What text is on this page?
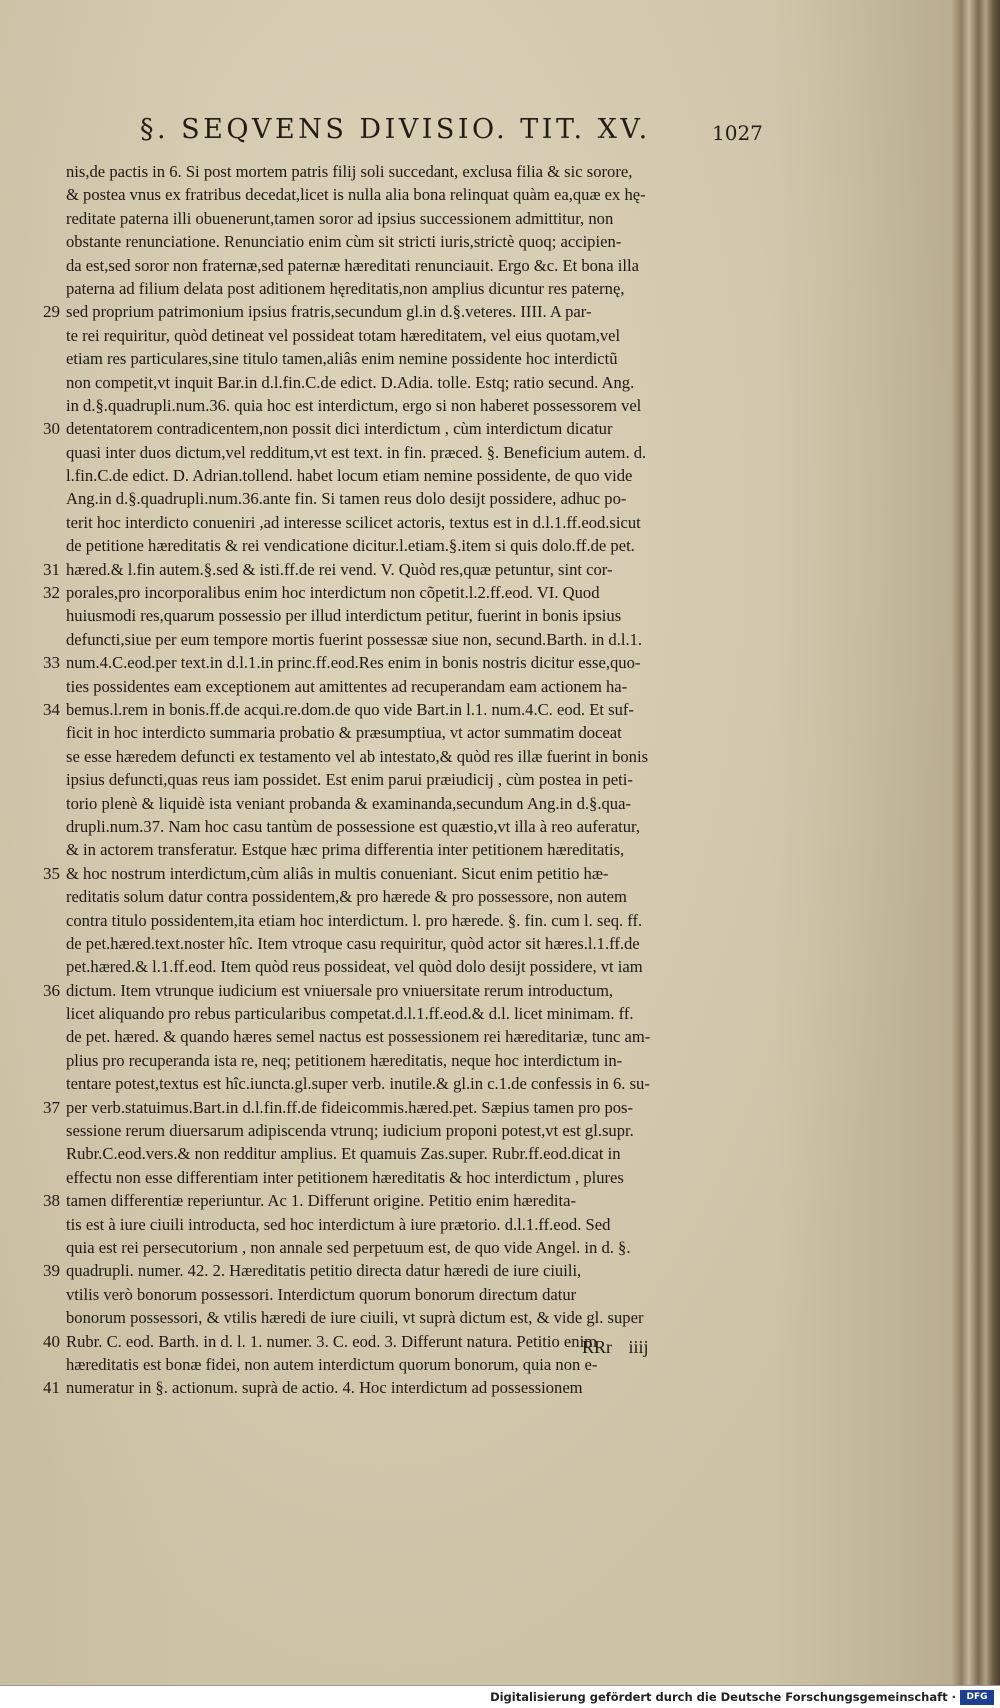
§. SEQVENS DIVISIO. TIT. XV.	1027
nis,de pactis in 6. Si post mortem patris filij soli succedant, exclusa filia & sic sorore,
& postea vnus ex fratribus decedat,licet is nulla alia bona relinquat quàm ea,quæ ex hę-
reditate paterna illi obuenerunt,tamen soror ad ipsius successionem admittitur, non
obstante renunciatione. Renunciatio enim cùm sit stricti iuris,strictè quoq; accipien-
da est,sed soror non fraternæ,sed paternæ hæreditati renunciauit. Ergo &c. Et bona illa
paterna ad filium delata post aditionem hęreditatis,non amplius dicuntur res paternę,
29 sed proprium patrimonium ipsius fratris,secundum gl.in d.§.veteres. IIII. A par-
te rei requiritur, quòd detineat vel possideat totam hæreditatem, vel eius quotam,vel
etiam res particulares,sine titulo tamen,aliâs enim nemine possidente hoc interdictũ
non competit,vt inquit Bar.in d.l.fin.C.de edict. D.Adia. tolle. Estq; ratio secund. Ang.
in d.§.quadrupli.num.36. quia hoc est interdictum, ergo si non haberet possessorem vel
30 detentatorem contradicentem,non possit dici interdictum , cùm interdictum dicatur
quasi inter duos dictum,vel redditum,vt est text. in fin. præced. §. Beneficium autem. d.
l.fin.C.de edict. D. Adrian.tollend. habet locum etiam nemine possidente, de quo vide
Ang.in d.§.quadrupli.num.36.ante fin. Si tamen reus dolo desijt possidere, adhuc po-
terit hoc interdicto conueniri ,ad interesse scilicet actoris, textus est in d.l.1.ff.eod.sicut
de petitione hæreditatis & rei vendicatione dicitur.l.etiam.§.item si quis dolo.ff.de pet.
31 hæred.& l.fin autem.§.sed & isti.ff.de rei vend. V. Quòd res,quæ petuntur, sint cor-
32 porales,pro incorporalibus enim hoc interdictum non cõpetit.l.2.ff.eod. VI. Quod
huiusmodi res,quarum possessio per illud interdictum petitur, fuerint in bonis ipsius
defuncti,siue per eum tempore mortis fuerint possessæ siue non, secund.Barth. in d.l.1.
33 num.4.C.eod.per text.in d.l.1.in princ.ff.eod.Res enim in bonis nostris dicitur esse,quo-
ties possidentes eam exceptionem aut amittentes ad recuperandam eam actionem ha-
34 bemus.l.rem in bonis.ff.de acqui.re.dom.de quo vide Bart.in l.1. num.4.C. eod. Et suf-
ficit in hoc interdicto summaria probatio & præsumptiua, vt actor summatim doceat
se esse hæredem defuncti ex testamento vel ab intestato,& quòd res illæ fuerint in bonis
ipsius defuncti,quas reus iam possidet. Est enim parui præiudicij , cùm postea in peti-
torio plenè & liquidè ista veniant probanda & examinanda,secundum Ang.in d.§.qua-
drupli.num.37. Nam hoc casu tantùm de possessione est quæstio,vt illa à reo auferatur,
& in actorem transferatur. Estque hæc prima differentia inter petitionem hæreditatis,
35 & hoc nostrum interdictum,cùm aliâs in multis conueniant. Sicut enim petitio hæ-
reditatis solum datur contra possidentem,& pro hærede & pro possessore, non autem
contra titulo possidentem,ita etiam hoc interdictum. l. pro hærede. §. fin. cum l. seq. ff.
de pet.hæred.text.noster hîc. Item vtroque casu requiritur, quòd actor sit hæres.l.1.ff.de
pet.hæred.& l.1.ff.eod. Item quòd reus possideat, vel quòd dolo desijt possidere, vt iam
36 dictum. Item vtrunque iudicium est vniuersale pro vniuersitate rerum introductum,
licet aliquando pro rebus particularibus competat.d.l.1.ff.eod.& d.l. licet minimam. ff.
de pet. hæred. & quando hæres semel nactus est possessionem rei hæreditariæ, tunc am-
plius pro recuperanda ista re, neq; petitionem hæreditatis, neque hoc interdictum in-
tentare potest,textus est hîc.iuncta.gl.super verb. inutile.& gl.in c.1.de confessis in 6. su-
37 per verb.statuimus.Bart.in d.l.fin.ff.de fideicommis.hæred.pet. Sæpius tamen pro pos-
sessione rerum diuersarum adipiscenda vtrunq; iudicium proponi potest,vt est gl.supr.
Rubr.C.eod.vers.& non redditur amplius. Et quamuis Zas.super. Rubr.ff.eod.dicat in
effectu non esse differentiam inter petitionem hæreditatis & hoc interdictum , plures
38 tamen differentiæ reperiuntur. Ac 1. Differunt origine. Petitio enim hæredita-
tis est à iure ciuili introducta, sed hoc interdictum à iure prætorio. d.l.1.ff.eod. Sed
quia est rei persecutorium , non annale sed perpetuum est, de quo vide Angel. in d. §.
39 quadrupli. numer. 42. 2. Hæreditatis petitio directa datur hæredi de iure ciuili,
vtilis verò bonorum possessori. Interdictum quorum bonorum directum datur
bonorum possessori, & vtilis hæredi de iure ciuili, vt suprà dictum est, & vide gl. super
40 Rubr. C. eod. Barth. in d. l. 1. numer. 3. C. eod. 3. Differunt natura. Petitio enim
hæreditatis est bonæ fidei, non autem interdictum quorum bonorum, quia non e-
41 numeratur in §. actionum. suprà de actio. 4. Hoc interdictum ad possessionem
RRr iiij
Digitalisierung gefördert durch die Deutsche Forschungsgemeinschaft ·	DFG
